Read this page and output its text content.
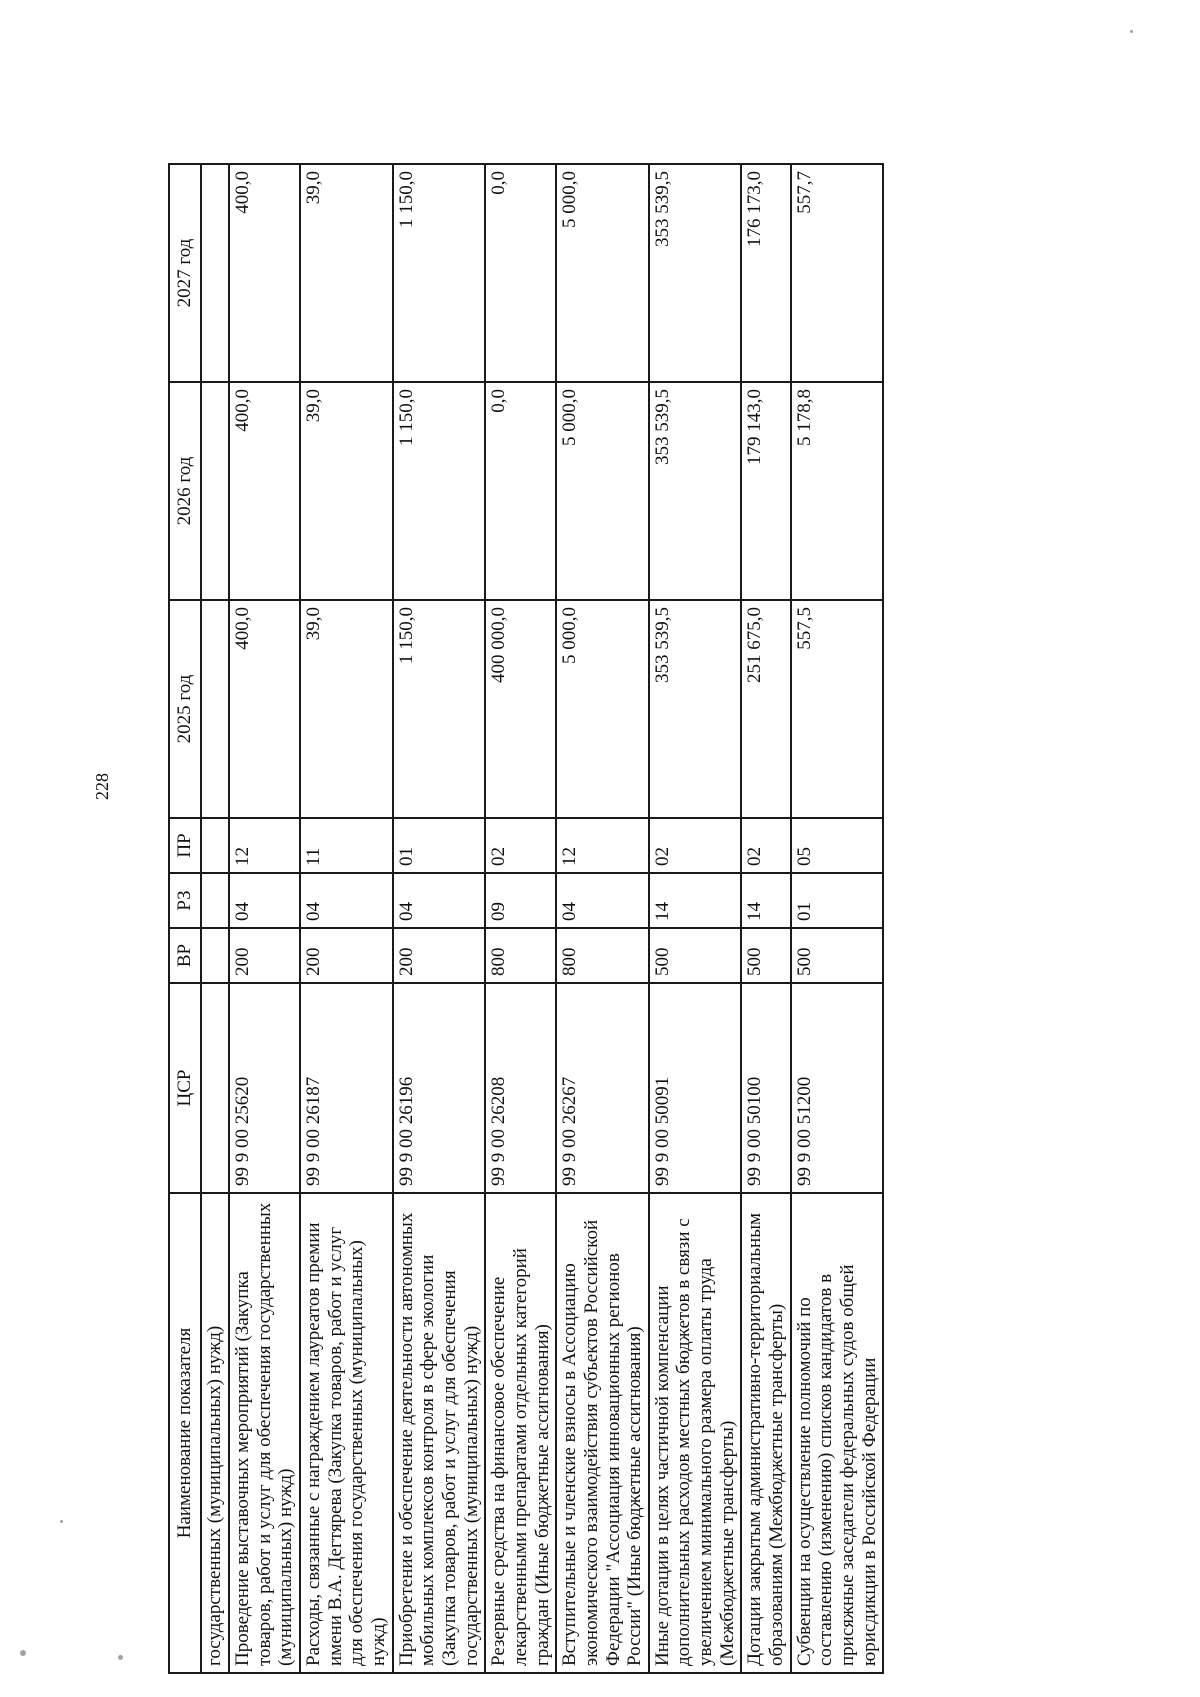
228
Наименование показателя	ЦСР	ВР	РЗ	ПР	2025 год	2026 год	2027 год
государственных (муниципальных) нужд)							
Проведение выставочных мероприятий (Закупка товаров, работ и услуг для обеспечения государственных (муниципальных) нужд)	99 9 00 25620	200	04	12	400,0	400,0	400,0
Расходы, связанные с награждением лауреатов премии имени В.А. Дегтярева (Закупка товаров, работ и услуг для обеспечения государственных (муниципальных) нужд)	99 9 00 26187	200	04	11	39,0	39,0	39,0
Приобретение и обеспечение деятельности автономных мобильных комплексов контроля в сфере экологии (Закупка товаров, работ и услуг для обеспечения государственных (муниципальных) нужд)	99 9 00 26196	200	04	01	1 150,0	1 150,0	1 150,0
Резервные средства на финансовое обеспечение лекарственными препаратами отдельных категорий граждан (Иные бюджетные ассигнования)	99 9 00 26208	800	09	02	400 000,0	0,0	0,0
Вступительные и членские взносы в Ассоциацию экономического взаимодействия субъектов Российской Федерации "Ассоциация инновационных регионов России" (Иные бюджетные ассигнования)	99 9 00 26267	800	04	12	5 000,0	5 000,0	5 000,0
Иные дотации в целях частичной компенсации дополнительных расходов местных бюджетов в связи с увеличением минимального размера оплаты труда (Межбюджетные трансферты)	99 9 00 50091	500	14	02	353 539,5	353 539,5	353 539,5
Дотации закрытым административно-территориальным образованиям (Межбюджетные трансферты)	99 9 00 50100	500	14	02	251 675,0	179 143,0	176 173,0
Субвенции на осуществление полномочий по составлению (изменению) списков кандидатов в присяжные заседатели федеральных судов общей юрисдикции в Российской Федерации	99 9 00 51200	500	01	05	557,5	5 178,8	557,7
